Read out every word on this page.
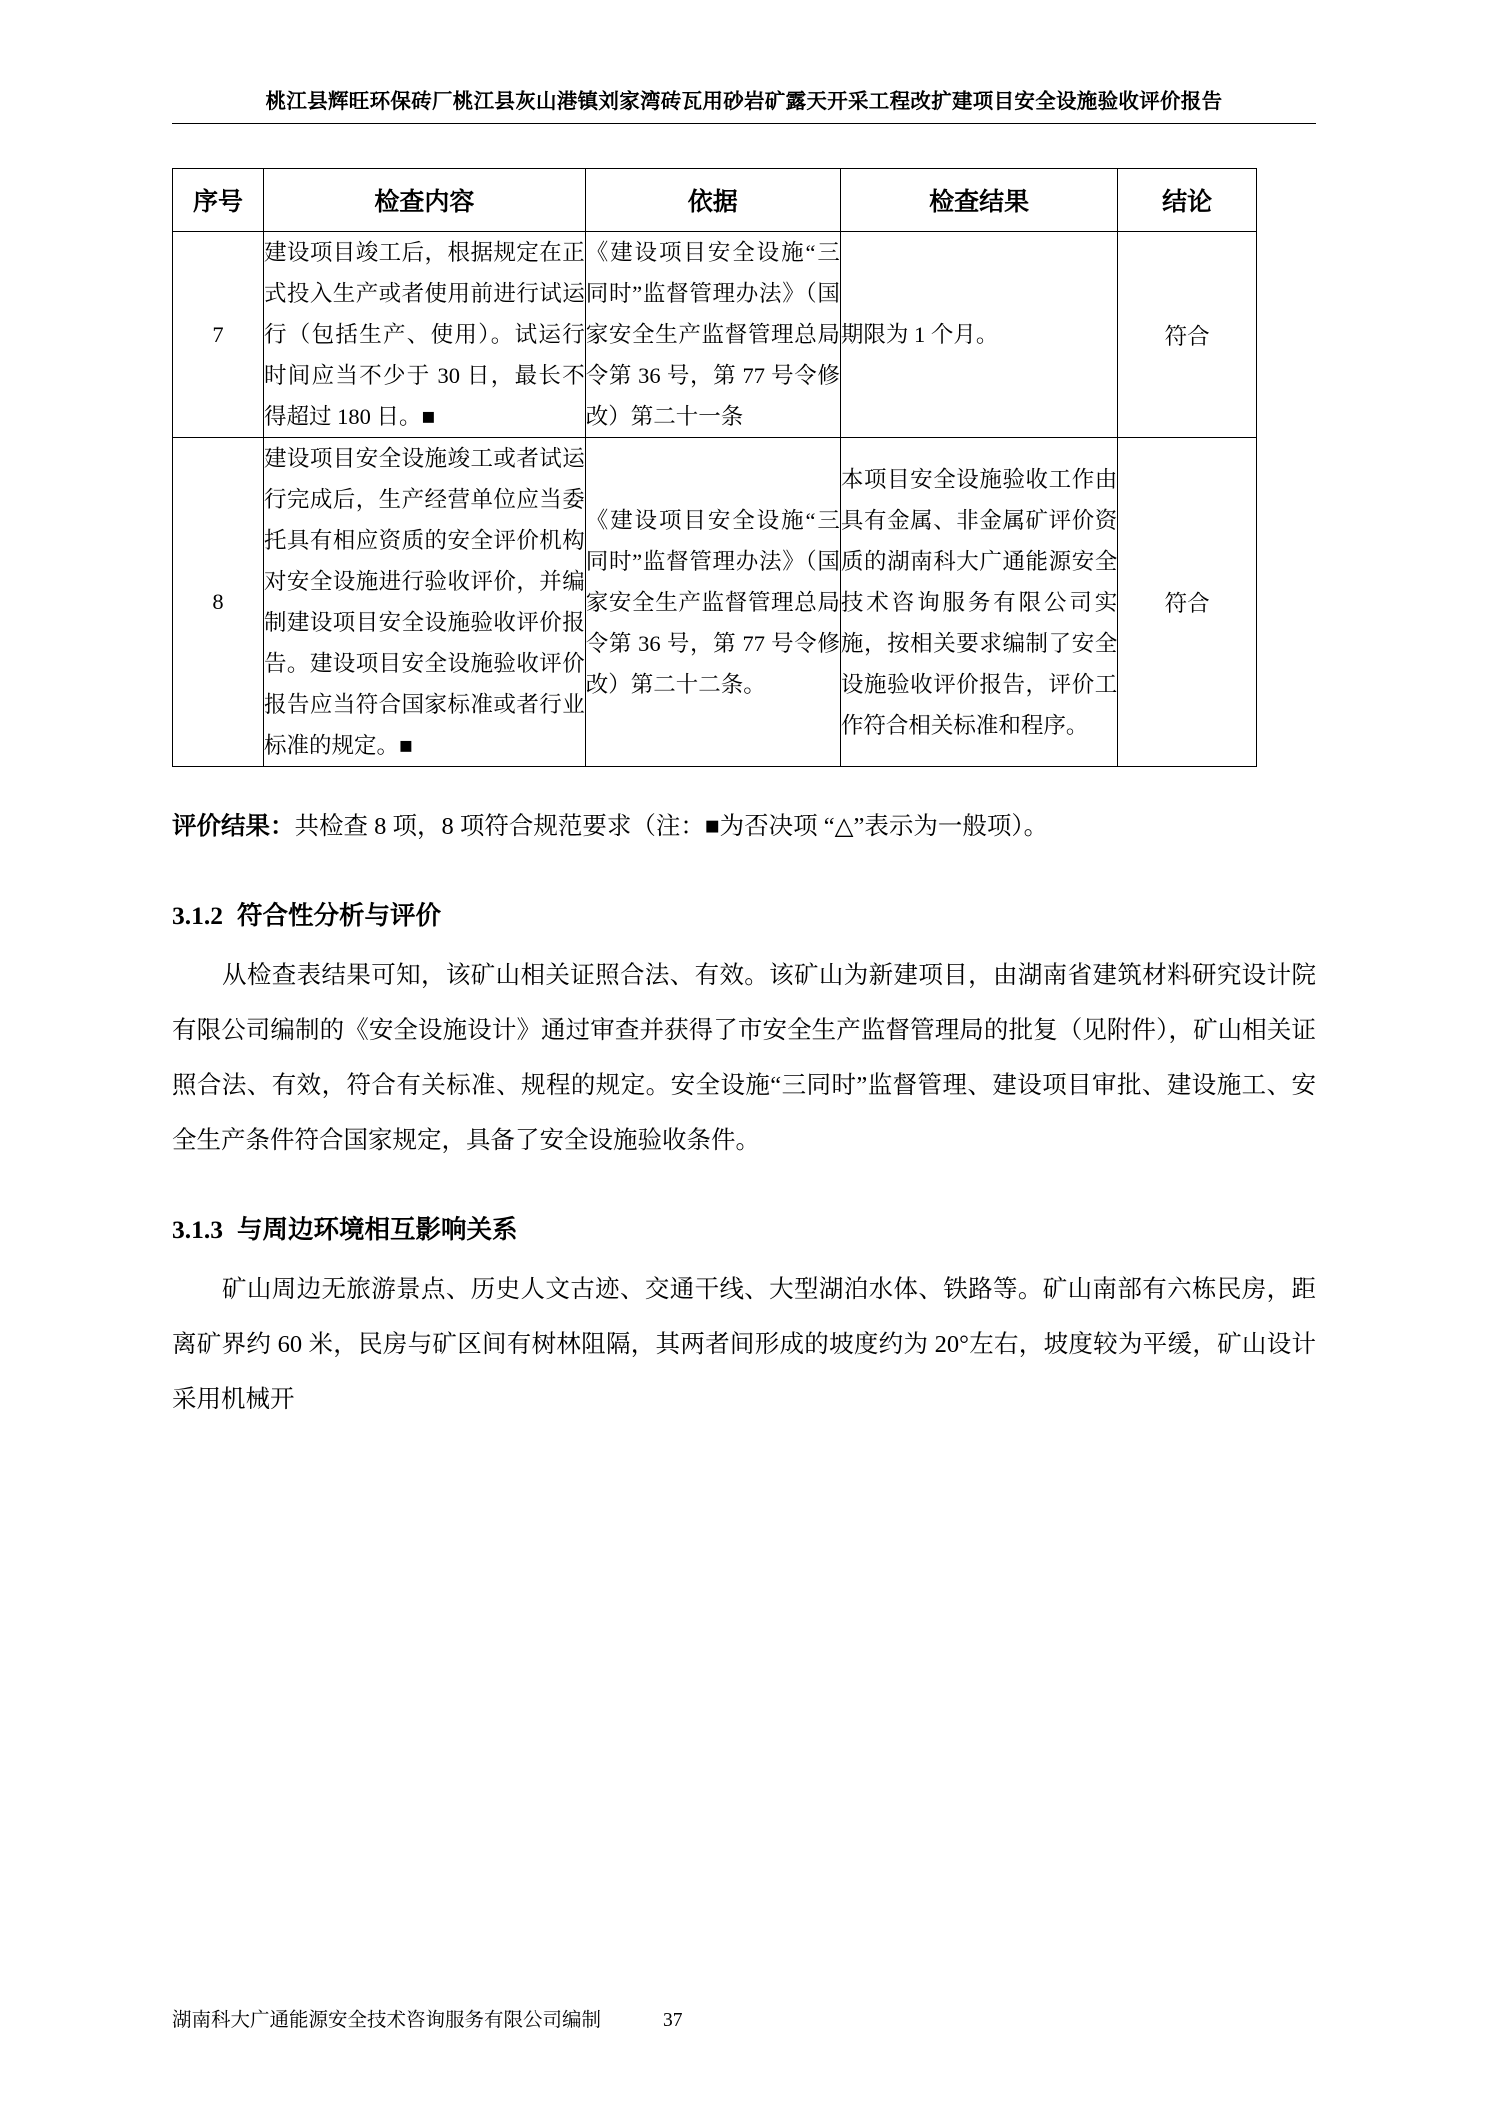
桃江县辉旺环保砖厂桃江县灰山港镇刘家湾砖瓦用砂岩矿露天开采工程改扩建项目安全设施验收评价报告
序号	检查内容	依据	检查结果	结论
7	建设项目竣工后，根据规定在正式投入生产或者使用前进行试运行（包括生产、使用）。试运行时间应当不少于 30 日，最长不得超过 180 日。■	《建设项目安全设施“三同时”监督管理办法》（国家安全生产监督管理总局令第 36 号，第 77 号令修改）第二十一条	期限为 1 个月。	符合
8	建设项目安全设施竣工或者试运行完成后，生产经营单位应当委托具有相应资质的安全评价机构对安全设施进行验收评价，并编制建设项目安全设施验收评价报告。建设项目安全设施验收评价报告应当符合国家标准或者行业标准的规定。■	《建设项目安全设施“三同时”监督管理办法》（国家安全生产监督管理总局令第 36 号，第 77 号令修改）第二十二条。	本项目安全设施验收工作由具有金属、非金属矿评价资质的湖南科大广通能源安全技术咨询服务有限公司实施，按相关要求编制了安全设施验收评价报告，评价工作符合相关标准和程序。	符合
评价结果：共检查 8 项，8 项符合规范要求（注：■为否决项 “△”表示为一般项）。
3.1.2 符合性分析与评价
从检查表结果可知，该矿山相关证照合法、有效。该矿山为新建项目，由湖南省建筑材料研究设计院有限公司编制的《安全设施设计》通过审查并获得了市安全生产监督管理局的批复（见附件），矿山相关证照合法、有效，符合有关标准、规程的规定。安全设施“三同时”监督管理、建设项目审批、建设施工、安全生产条件符合国家规定，具备了安全设施验收条件。
3.1.3 与周边环境相互影响关系
矿山周边无旅游景点、历史人文古迹、交通干线、大型湖泊水体、铁路等。矿山南部有六栋民房，距离矿界约 60 米，民房与矿区间有树林阻隔，其两者间形成的坡度约为 20°左右，坡度较为平缓，矿山设计采用机械开
湖南科大广通能源安全技术咨询服务有限公司编制	37
